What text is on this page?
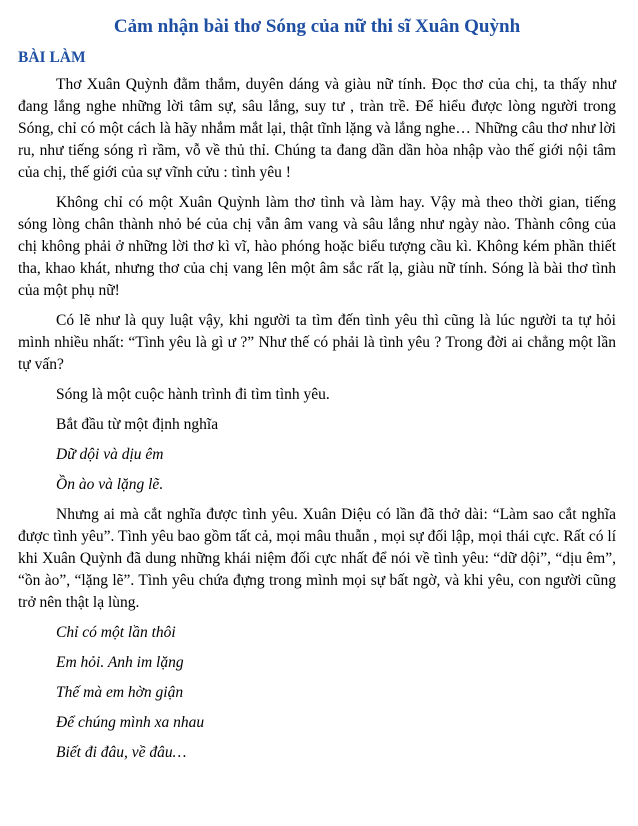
Cảm nhận bài thơ Sóng của nữ thi sĩ Xuân Quỳnh
BÀI LÀM

Thơ Xuân Quỳnh đằm thắm, duyên dáng và giàu nữ tính. Đọc thơ của chị, ta thấy như đang lắng nghe những lời tâm sự, sâu lắng, suy tư , tràn trề. Để hiểu được lòng người trong Sóng, chỉ có một cách là hãy nhắm mắt lại, thật tĩnh lặng và lắng nghe… Những câu thơ như lời ru, như tiếng sóng rì rầm, vỗ về thủ thỉ. Chúng ta đang dần dần hòa nhập vào thế giới nội tâm của chị, thế giới của sự vĩnh cửu : tình yêu !

Không chỉ có một Xuân Quỳnh làm thơ tình và làm hay. Vậy mà theo thời gian, tiếng sóng lòng chân thành nhỏ bé của chị vẫn âm vang và sâu lắng như ngày nào. Thành công của chị không phải ở những lời thơ kì vĩ, hào phóng hoặc biểu tượng cầu kì. Không kém phần thiết tha, khao khát, nhưng thơ của chị vang lên một âm sắc rất lạ, giàu nữ tính. Sóng là bài thơ tình của một phụ nữ!

Có lẽ như là quy luật vậy, khi người ta tìm đến tình yêu thì cũng là lúc người ta tự hỏi mình nhiều nhất: “Tình yêu là gì ư ?” Như thế có phải là tình yêu ? Trong đời ai chẳng một lần tự vấn?

Sóng là một cuộc hành trình đi tìm tình yêu.

Bắt đầu từ một định nghĩa

Dữ dội và dịu êm

Ồn ào và lặng lẽ.

Nhưng ai mà cắt nghĩa được tình yêu. Xuân Diệu có lần đã thở dài: “Làm sao cắt nghĩa được tình yêu”. Tình yêu bao gồm tất cả, mọi mâu thuẫn , mọi sự đối lập, mọi thái cực. Rất có lí khi Xuân Quỳnh đã dung những khái niệm đối cực nhất để nói về tình yêu: “dữ dội”, “dịu êm”, “ồn ào”, “lặng lẽ”. Tình yêu chứa đựng trong mình mọi sự bất ngờ, và khi yêu, con người cũng trở nên thật lạ lùng.

Chỉ có một lần thôi

Em hỏi. Anh im lặng

Thế mà em hờn giận

Để chúng mình xa nhau

Biết đi đâu, về đâu…
